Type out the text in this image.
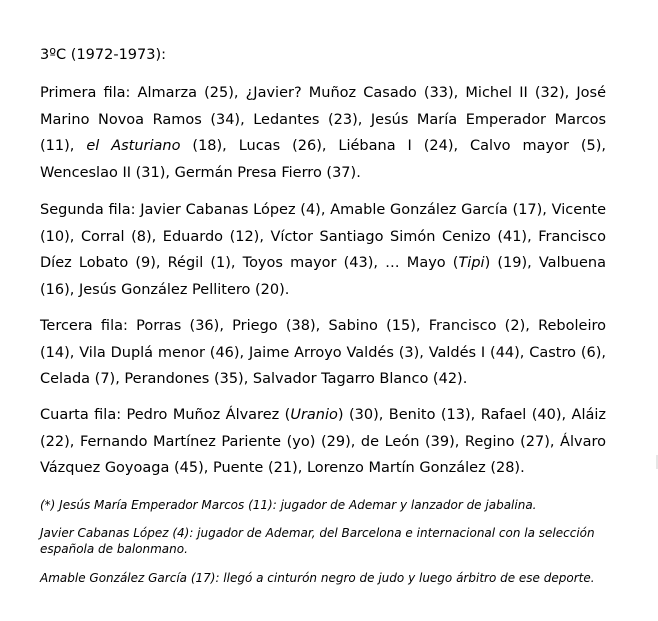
3ºC (1972-1973):

Primera fila: Almarza (25), ¿Javier? Muñoz Casado (33), Michel II (32), José Marino Novoa Ramos (34), Ledantes (23), Jesús María Emperador Marcos (11), el Asturiano (18), Lucas (26), Liébana I (24), Calvo mayor (5), Wenceslao II (31), Germán Presa Fierro (37).

Segunda fila: Javier Cabanas López (4), Amable González García (17), Vicente (10), Corral (8), Eduardo (12), Víctor Santiago Simón Cenizo (41), Francisco Díez Lobato (9), Régil (1), Toyos mayor (43), … Mayo (Tipi) (19), Valbuena (16), Jesús González Pellitero (20).

Tercera fila: Porras (36), Priego (38), Sabino (15), Francisco (2), Reboleiro (14), Vila Duplá menor (46), Jaime Arroyo Valdés (3), Valdés I (44), Castro (6), Celada (7), Perandones (35), Salvador Tagarro Blanco (42).

Cuarta fila: Pedro Muñoz Álvarez (Uranio) (30), Benito (13), Rafael (40), Aláiz (22), Fernando Martínez Pariente (yo) (29), de León (39), Regino (27), Álvaro Vázquez Goyoaga (45), Puente (21), Lorenzo Martín González (28).

(*) Jesús María Emperador Marcos (11): jugador de Ademar y lanzador de jabalina.
Javier Cabanas López (4): jugador de Ademar, del Barcelona e internacional con la selección española de balonmano.
Amable González García (17): llegó a cinturón negro de judo y luego árbitro de ese deporte.
